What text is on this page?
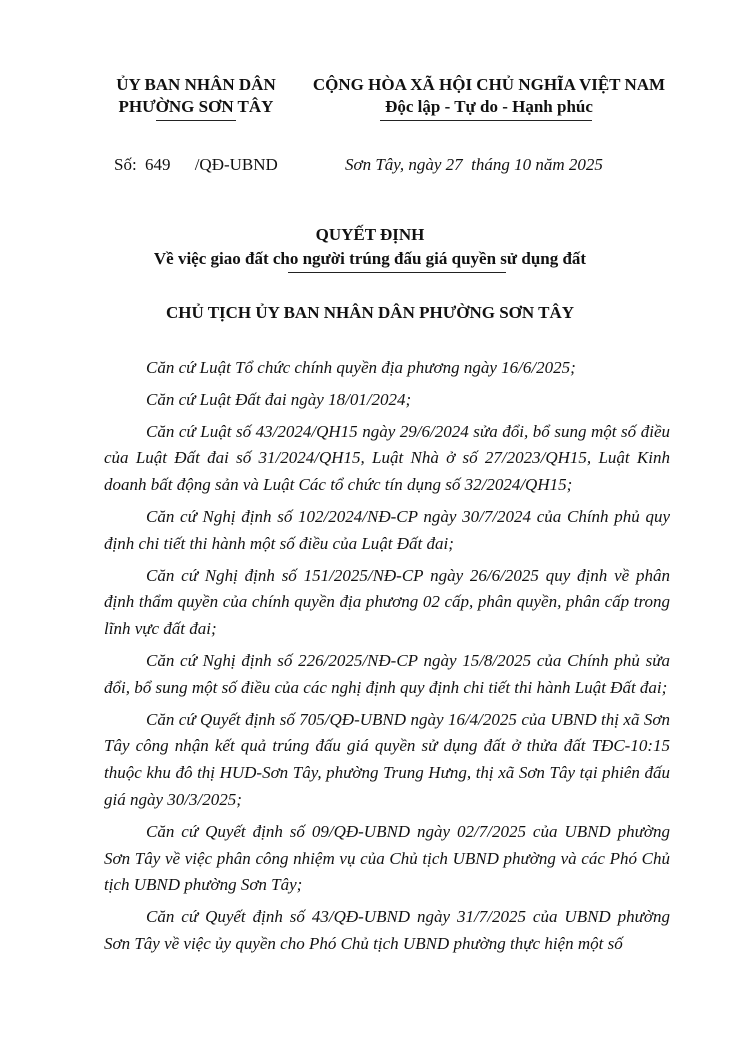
ỦY BAN NHÂN DÂN
PHƯỜNG SƠN TÂY
CỘNG HÒA XÃ HỘI CHỦ NGHĨA VIỆT NAM
Độc lập - Tự do - Hạnh phúc
Số: 649 /QĐ-UBND	Sơn Tây, ngày 27  tháng 10 năm 2025
QUYẾT ĐỊNH
Về việc giao đất cho người trúng đấu giá quyền sử dụng đất
CHỦ TỊCH ỦY BAN NHÂN DÂN PHƯỜNG SƠN TÂY

Căn cứ Luật Tổ chức chính quyền địa phương ngày 16/6/2025;

Căn cứ Luật Đất đai ngày 18/01/2024;

Căn cứ Luật số 43/2024/QH15 ngày 29/6/2024 sửa đổi, bổ sung một số điều của Luật Đất đai số 31/2024/QH15, Luật Nhà ở số 27/2023/QH15, Luật Kinh doanh bất động sản và Luật Các tổ chức tín dụng số 32/2024/QH15;

Căn cứ Nghị định số 102/2024/NĐ-CP ngày 30/7/2024 của Chính phủ quy định chi tiết thi hành một số điều của Luật Đất đai;

Căn cứ Nghị định số 151/2025/NĐ-CP ngày 26/6/2025 quy định về phân định thẩm quyền của chính quyền địa phương 02 cấp, phân quyền, phân cấp trong lĩnh vực đất đai;

Căn cứ Nghị định số 226/2025/NĐ-CP ngày 15/8/2025 của Chính phủ sửa đổi, bổ sung một số điều của các nghị định quy định chi tiết thi hành Luật Đất đai;

Căn cứ Quyết định số 705/QĐ-UBND ngày 16/4/2025 của UBND thị xã Sơn Tây công nhận kết quả trúng đấu giá quyền sử dụng đất ở thửa đất TĐC-10:15 thuộc khu đô thị HUD-Sơn Tây, phường Trung Hưng, thị xã Sơn Tây tại phiên đấu giá ngày 30/3/2025;

Căn cứ Quyết định số 09/QĐ-UBND ngày 02/7/2025 của UBND phường Sơn Tây về việc phân công nhiệm vụ của Chủ tịch UBND phường và các Phó Chủ tịch UBND phường Sơn Tây;

Căn cứ Quyết định số 43/QĐ-UBND ngày 31/7/2025 của UBND phường Sơn Tây về việc ủy quyền cho Phó Chủ tịch UBND phường thực hiện một số
